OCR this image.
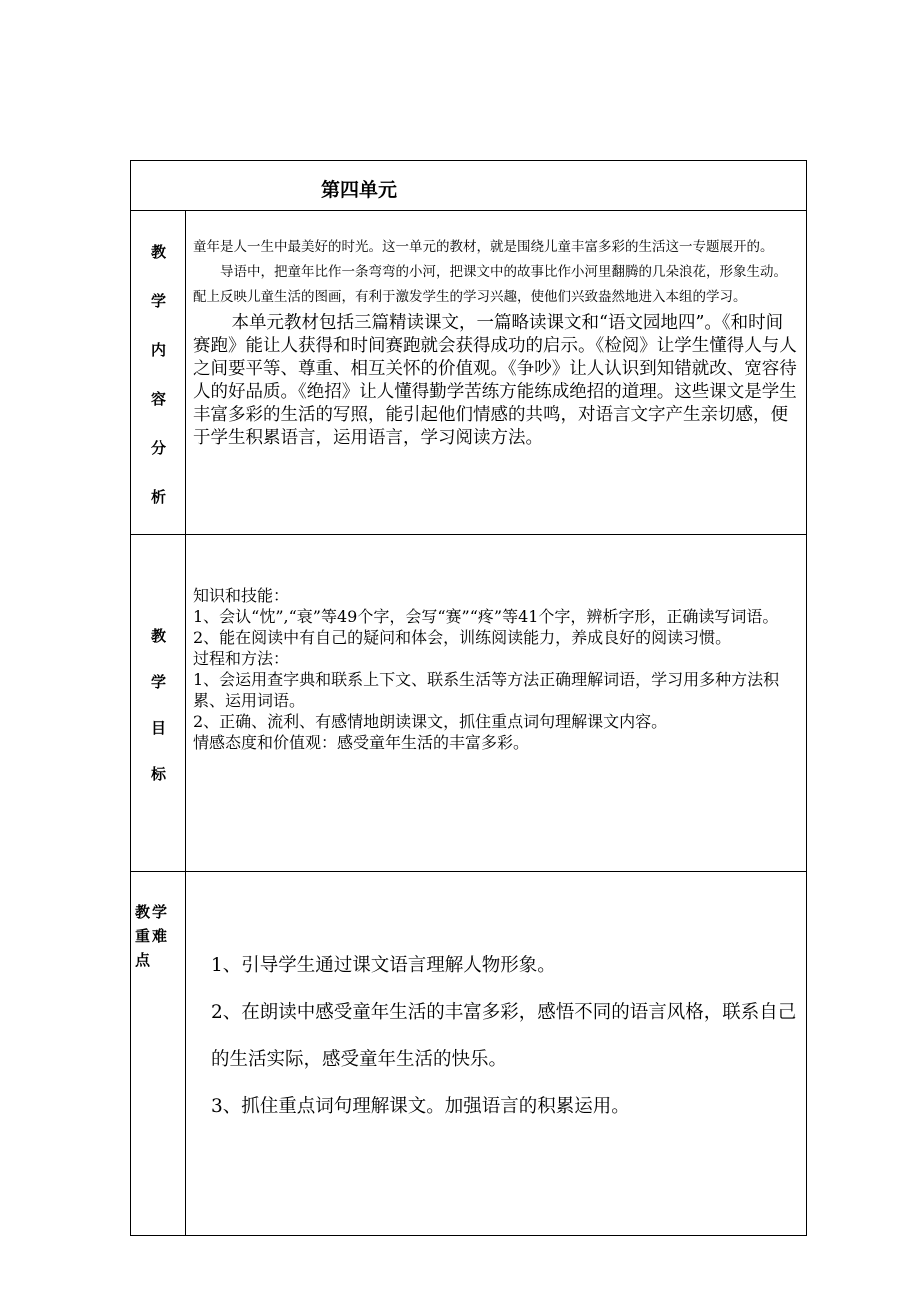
第四单元
教
学
内
容
分
析

童年是人一生中最美好的时光。这一单元的教材，就是围绕儿童丰富多彩的生活这一专题展开的。

导语中，把童年比作一条弯弯的小河，把课文中的故事比作小河里翻腾的几朵浪花，形象生动。配上反映儿童生活的图画，有利于激发学生的学习兴趣，使他们兴致盎然地进入本组的学习。

本单元教材包括三篇精读课文，一篇略读课文和“语文园地四”。《和时间赛跑》能让人获得和时间赛跑就会获得成功的启示。《检阅》让学生懂得人与人之间要平等、尊重、相互关怀的价值观。《争吵》让人认识到知错就改、宽容待人的好品质。《绝招》让人懂得勤学苦练方能练成绝招的道理。这些课文是学生丰富多彩的生活的写照，能引起他们情感的共鸣，对语言文字产生亲切感，便于学生积累语言，运用语言，学习阅读方法。

教
学
目
标

知识和技能：

1、会认“忱”,“衰”等49个字，会写“赛”“疼”等41个字，辨析字形，正确读写词语。

2、能在阅读中有自己的疑问和体会，训练阅读能力，养成良好的阅读习惯。

过程和方法：

1、会运用查字典和联系上下文、联系生活等方法正确理解词语，学习用多种方法积累、运用词语。

2、正确、流利、有感情地朗读课文，抓住重点词句理解课文内容。

情感态度和价值观：感受童年生活的丰富多彩。

教学重难点	1、引导学生通过课文语言理解人物形象。

2、在朗读中感受童年生活的丰富多彩，感悟不同的语言风格，联系自己的生活实际，感受童年生活的快乐。

3、抓住重点词句理解课文。加强语言的积累运用。
